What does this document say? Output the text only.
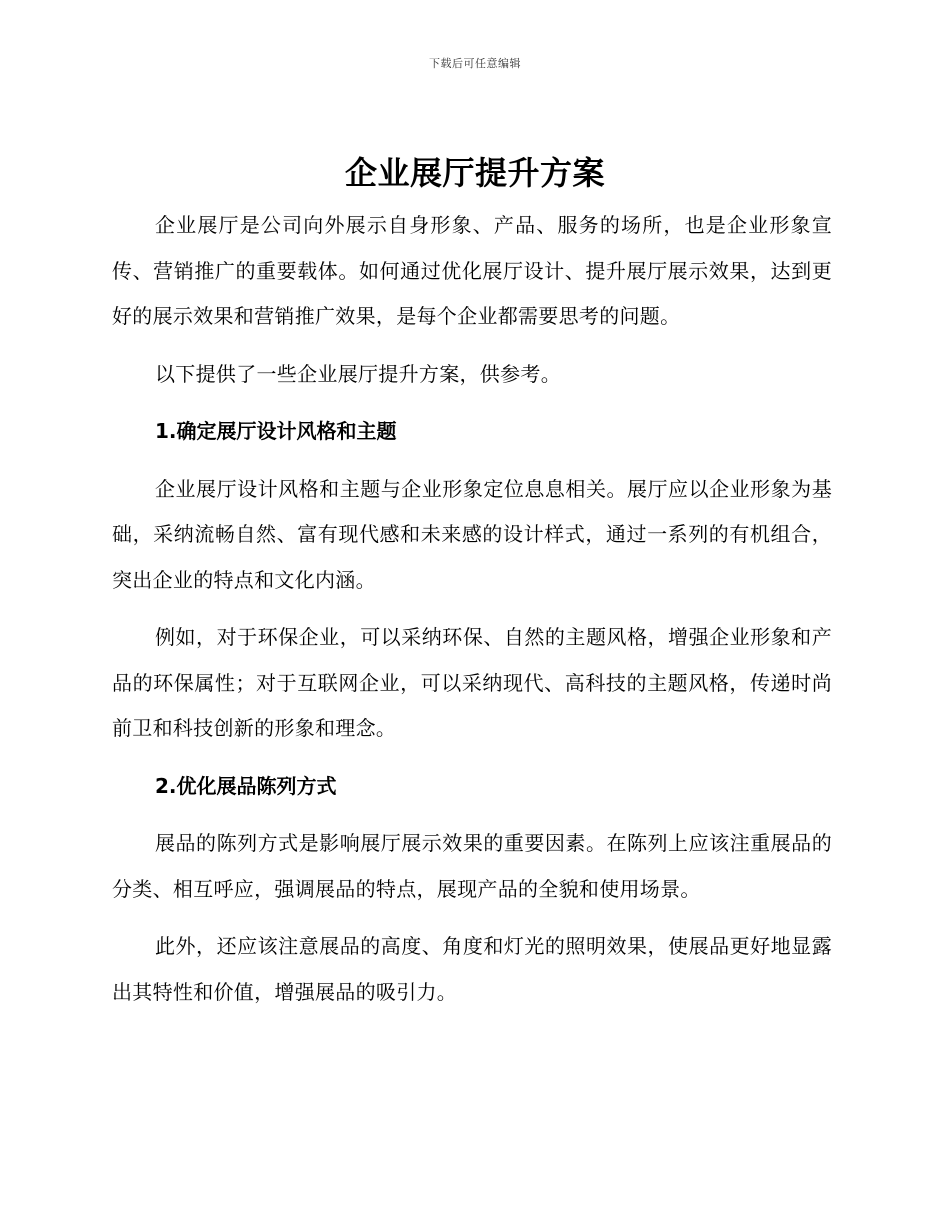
下载后可任意编辑
企业展厅提升方案

企业展厅是公司向外展示自身形象、产品、服务的场所，也是企业形象宣传、营销推广的重要载体。如何通过优化展厅设计、提升展厅展示效果，达到更好的展示效果和营销推广效果，是每个企业都需要思考的问题。

以下提供了一些企业展厅提升方案，供参考。

1.确定展厅设计风格和主题

企业展厅设计风格和主题与企业形象定位息息相关。展厅应以企业形象为基础，采纳流畅自然、富有现代感和未来感的设计样式，通过一系列的有机组合，突出企业的特点和文化内涵。

例如，对于环保企业，可以采纳环保、自然的主题风格，增强企业形象和产品的环保属性；对于互联网企业，可以采纳现代、高科技的主题风格，传递时尚前卫和科技创新的形象和理念。

2.优化展品陈列方式

展品的陈列方式是影响展厅展示效果的重要因素。在陈列上应该注重展品的分类、相互呼应，强调展品的特点，展现产品的全貌和使用场景。

此外，还应该注意展品的高度、角度和灯光的照明效果，使展品更好地显露出其特性和价值，增强展品的吸引力。
